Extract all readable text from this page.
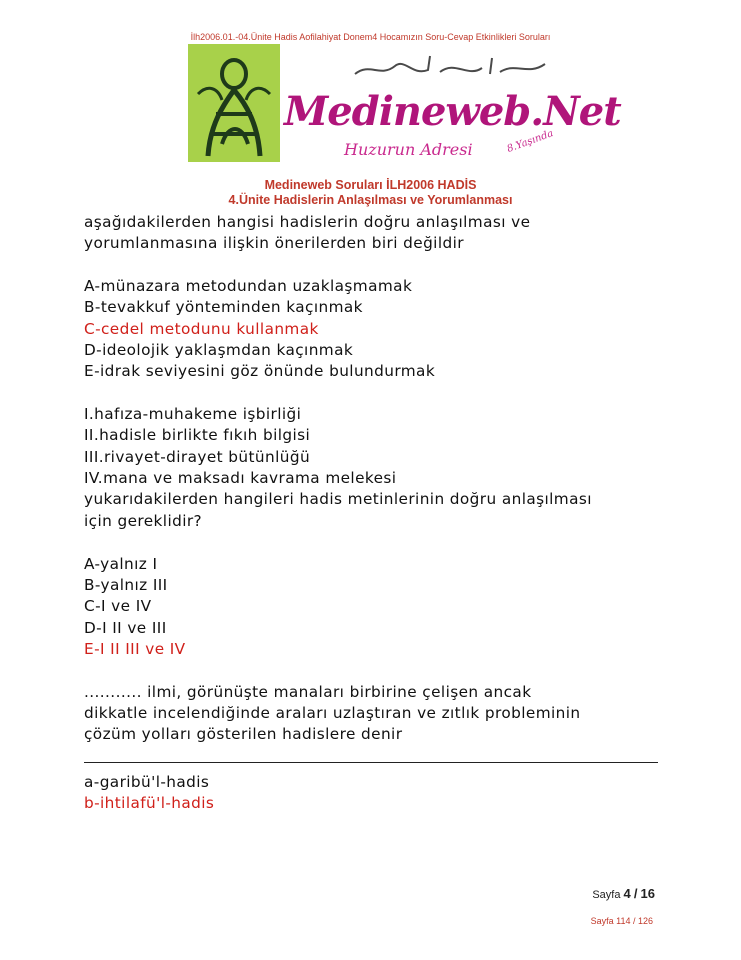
İlh2006.01.-04.Ünite Hadis Aofilahiyat Donem4 Hocamızın Soru-Cevap Etkinlikleri Soruları
Medineweb.Net
Huzurun Adresi	8.Yaşında
Medineweb Soruları İLH2006 HADİS
4.Ünite Hadislerin Anlaşılması ve Yorumlanması
aşağıdakilerden hangisi hadislerin doğru anlaşılması ve
yorumlanmasına ilişkin önerilerden biri değildir
A-münazara metodundan uzaklaşmamak
B-tevakkuf yönteminden kaçınmak
C-cedel metodunu kullanmak
D-ideolojik yaklaşmdan kaçınmak
E-idrak seviyesini göz önünde bulundurmak
I.hafıza-muhakeme işbirliği
II.hadisle birlikte fıkıh bilgisi
III.rivayet-dirayet bütünlüğü
IV.mana ve maksadı kavrama melekesi
yukarıdakilerden hangileri hadis metinlerinin doğru anlaşılması
için gereklidir?
A-yalnız I
B-yalnız III
C-I ve IV
D-I II ve III
E-I II III ve IV
........... ilmi, görünüşte manaları birbirine çelişen ancak
dikkatle incelendiğinde araları uzlaştıran ve zıtlık probleminin
çözüm yolları gösterilen hadislere denir
a-garibü'l-hadis
b-ihtilafü'l-hadis
Sayfa 4 / 16
Sayfa 114 / 126
